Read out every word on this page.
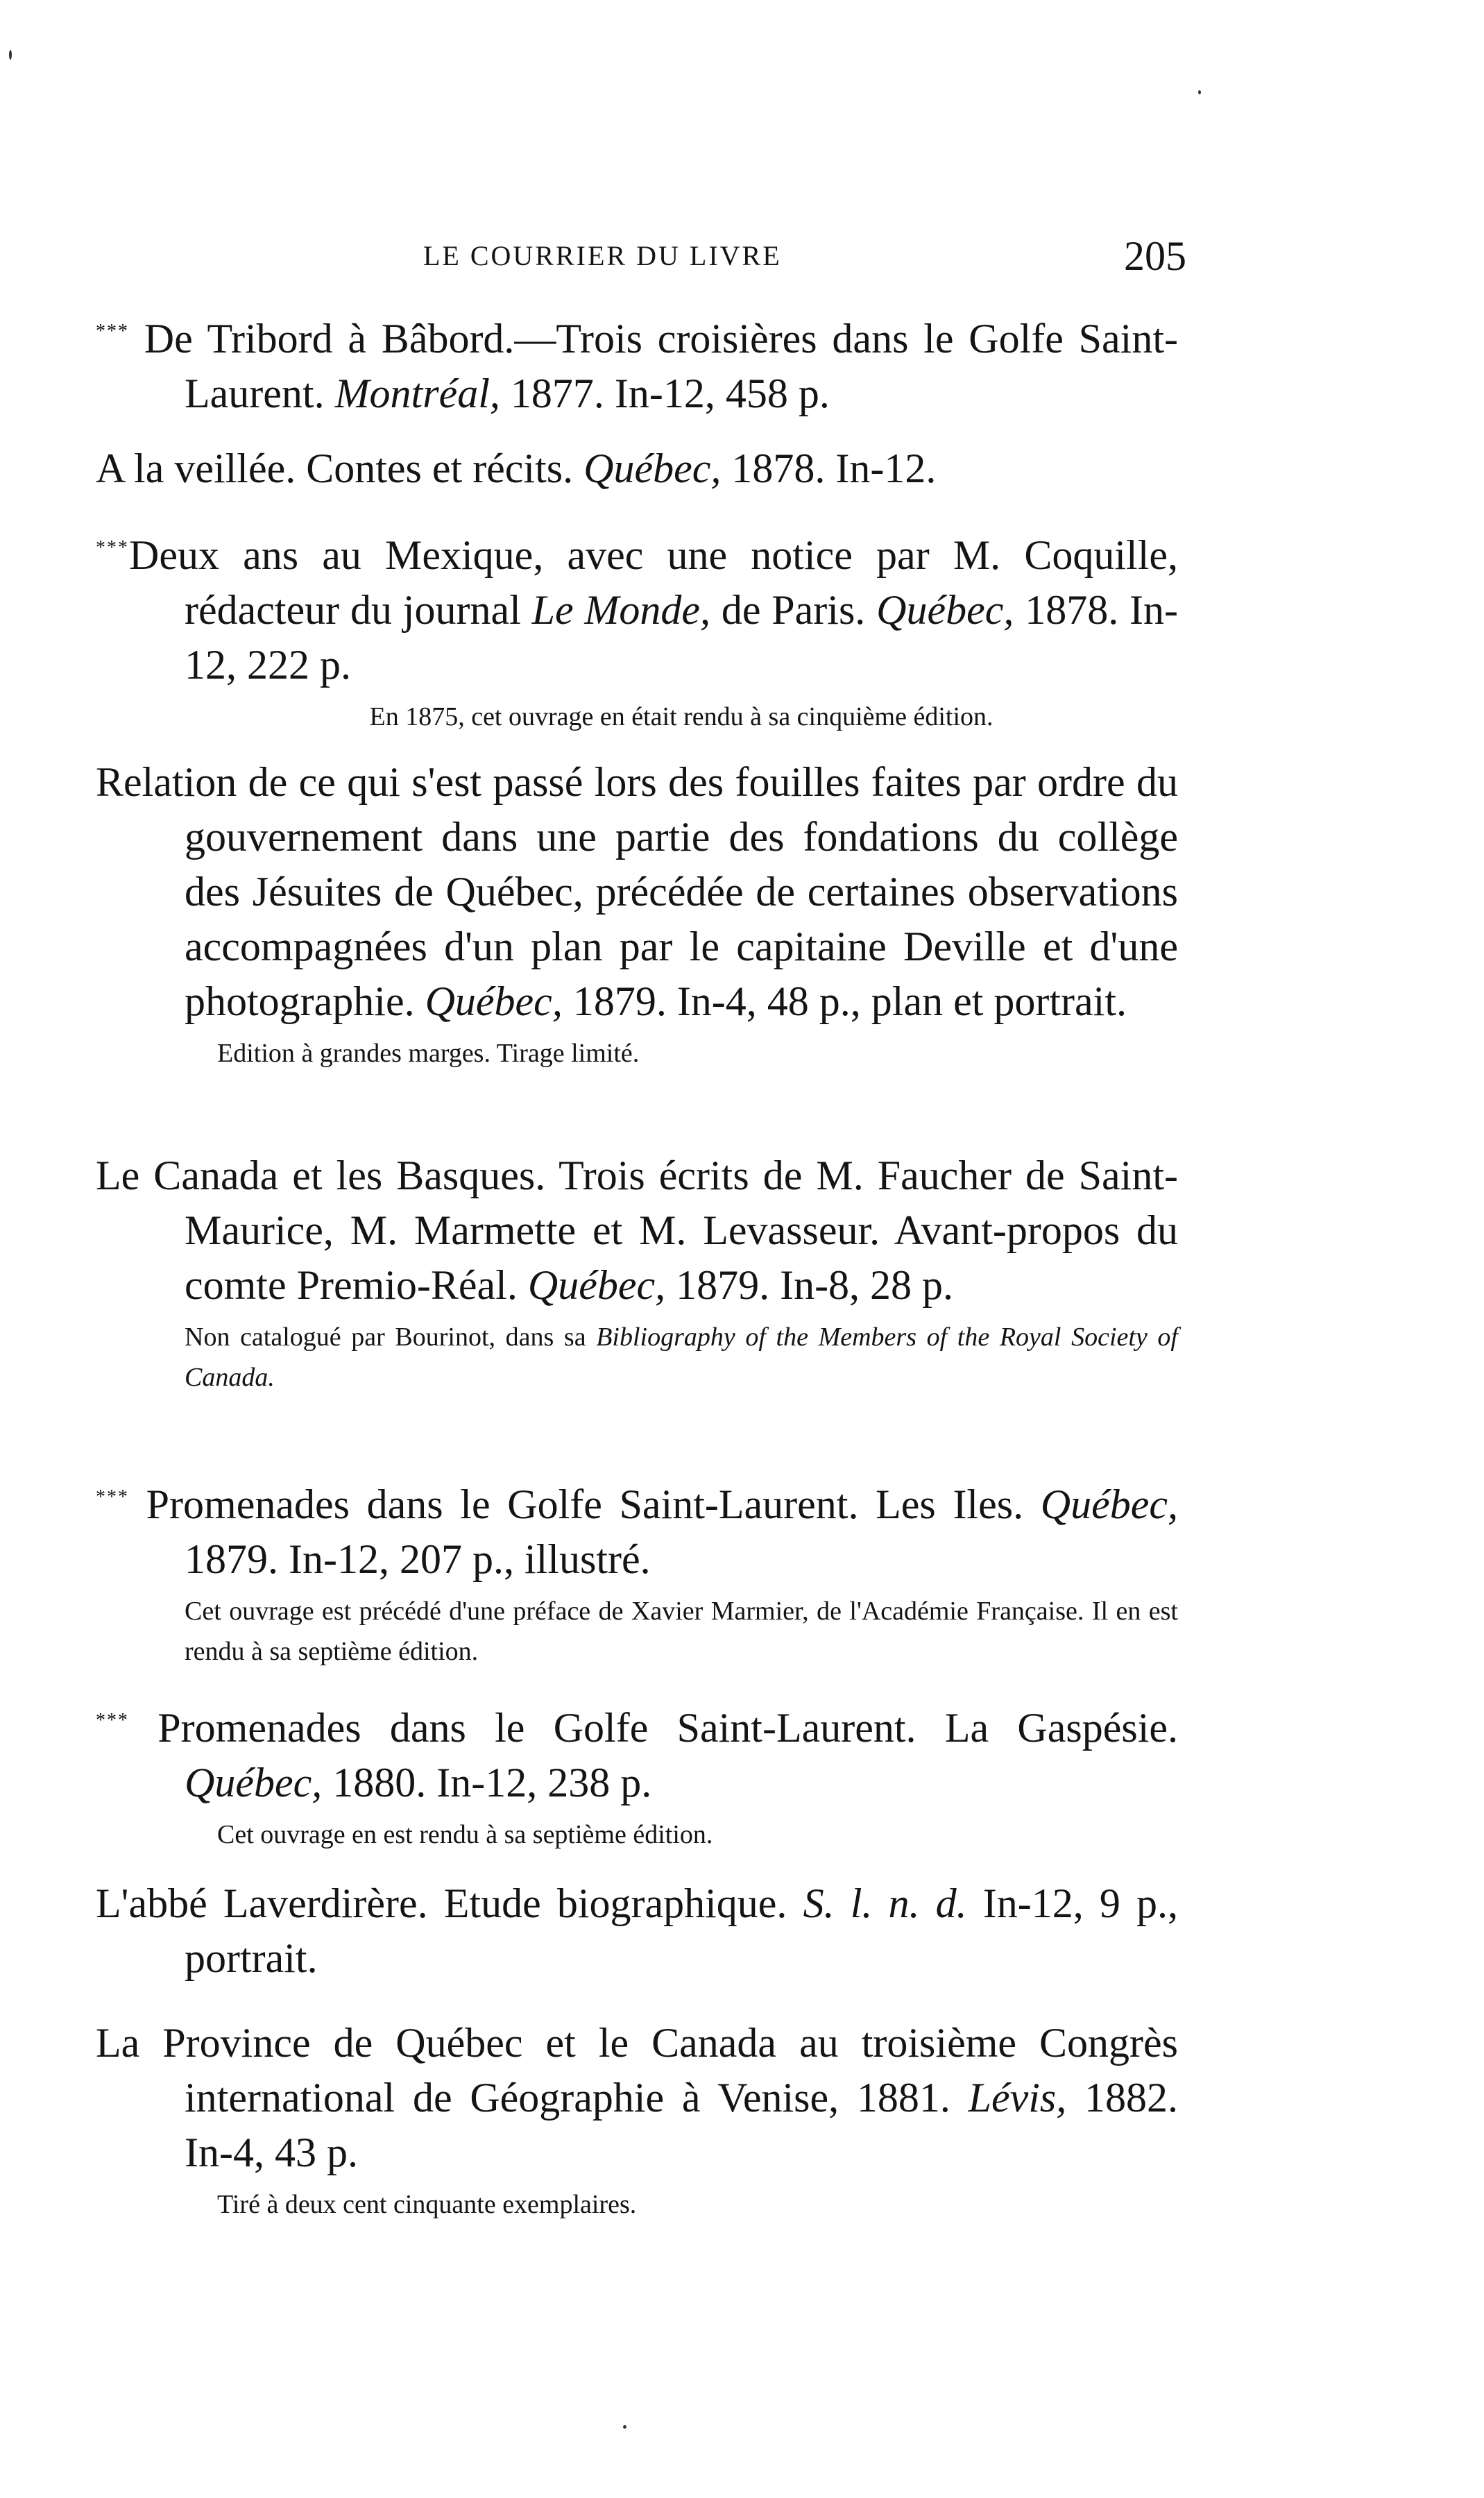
LE COURRIER DU LIVRE	205

*** De Tribord à Bâbord.—Trois croisières dans le Golfe Saint-Laurent. Montréal, 1877. In-12, 458 p.

A la veillée. Contes et récits. Québec, 1878. In-12.

***Deux ans au Mexique, avec une notice par M. Coquille, rédacteur du journal Le Monde, de Paris. Québec, 1878. In-12, 222 p.

En 1875, cet ouvrage en était rendu à sa cinquième édition.

Relation de ce qui s'est passé lors des fouilles faites par ordre du gouvernement dans une partie des fondations du collège des Jésuites de Québec, précédée de certaines observations accompagnées d'un plan par le capitaine Deville et d'une photographie. Québec, 1879. In-4, 48 p., plan et portrait.

Edition à grandes marges. Tirage limité.

Le Canada et les Basques. Trois écrits de M. Faucher de Saint-Maurice, M. Marmette et M. Levasseur. Avant-propos du comte Premio-Réal. Québec, 1879. In-8, 28 p.

Non catalogué par Bourinot, dans sa Bibliography of the Members of the Royal Society of Canada.

*** Promenades dans le Golfe Saint-Laurent. Les Iles. Québec, 1879. In-12, 207 p., illustré.

Cet ouvrage est précédé d'une préface de Xavier Marmier, de l'Académie Française. Il en est rendu à sa septième édition.

*** Promenades dans le Golfe Saint-Laurent. La Gaspésie. Québec, 1880. In-12, 238 p.

Cet ouvrage en est rendu à sa septième édition.

L'abbé Laverdirère. Etude biographique. S. l. n. d. In-12, 9 p., portrait.

La Province de Québec et le Canada au troisième Congrès international de Géographie à Venise, 1881. Lévis, 1882. In-4, 43 p.

Tiré à deux cent cinquante exemplaires.
